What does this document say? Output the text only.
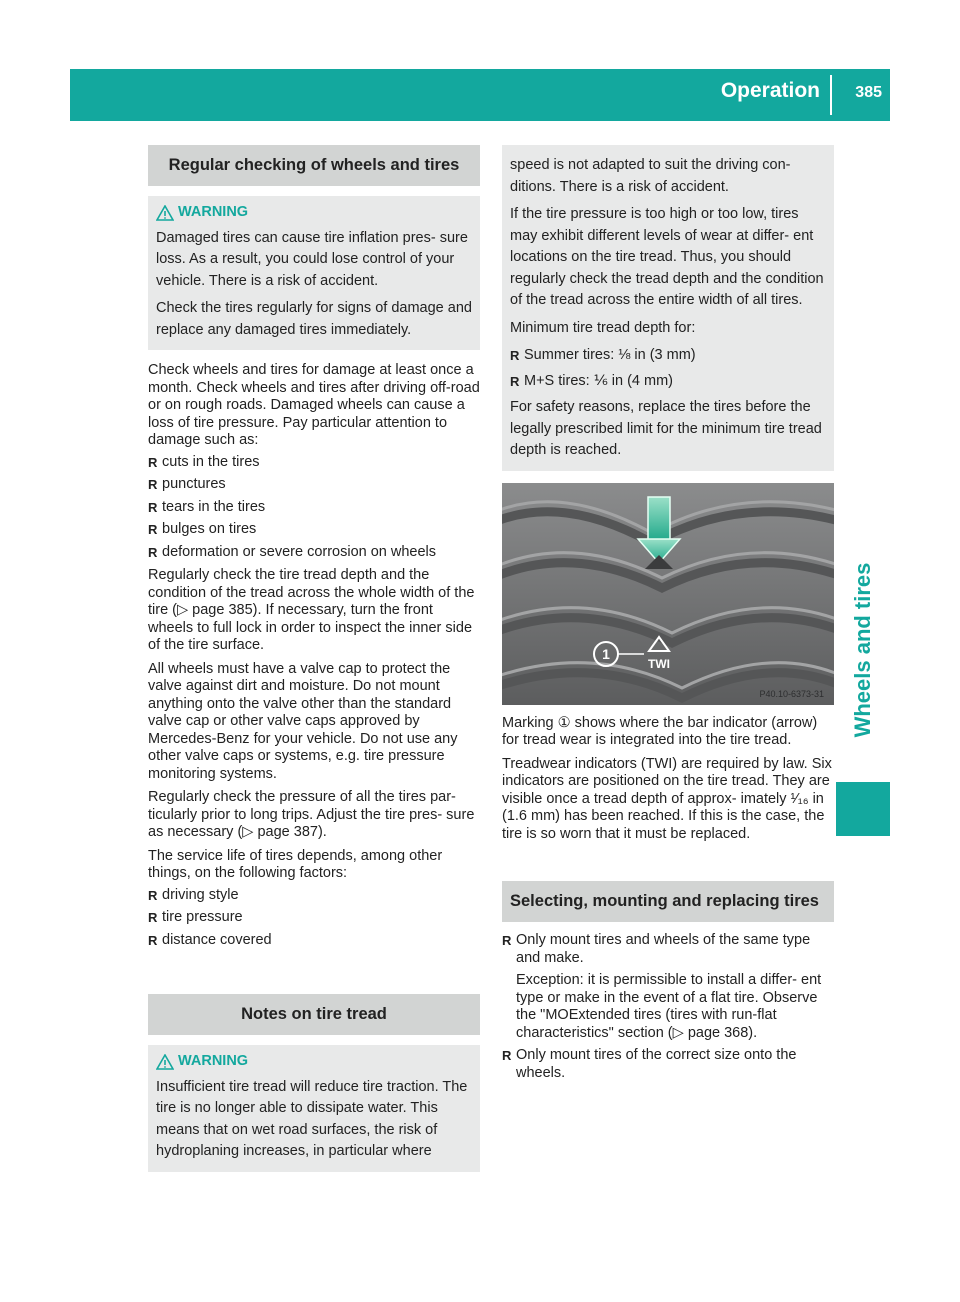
Operation 385
Wheels and tires
Regular checking of wheels and tires
WARNING

Damaged tires can cause tire inflation pres- sure loss. As a result, you could lose control of your vehicle. There is a risk of accident.

Check the tires regularly for signs of damage and replace any damaged tires immediately.

Check wheels and tires for damage at least once a month. Check wheels and tires after driving off-road or on rough roads. Damaged wheels can cause a loss of tire pressure. Pay particular attention to damage such as:

R cuts in the tires
R punctures
R tears in the tires
R bulges on tires
R deformation or severe corrosion on wheels

Regularly check the tire tread depth and the condition of the tread across the whole width of the tire (▷ page 385). If necessary, turn the front wheels to full lock in order to inspect the inner side of the tire surface.

All wheels must have a valve cap to protect the valve against dirt and moisture. Do not mount anything onto the valve other than the standard valve cap or other valve caps approved by Mercedes-Benz for your vehicle. Do not use any other valve caps or systems, e.g. tire pressure monitoring systems.

Regularly check the pressure of all the tires par- ticularly prior to long trips. Adjust the tire pres- sure as necessary (▷ page 387).

The service life of tires depends, among other things, on the following factors:

R driving style
R tire pressure
R distance covered
Notes on tire tread
WARNING

Insufficient tire tread will reduce tire traction. The tire is no longer able to dissipate water. This means that on wet road surfaces, the risk of hydroplaning increases, in particular where

speed is not adapted to suit the driving con- ditions. There is a risk of accident.

If the tire pressure is too high or too low, tires may exhibit different levels of wear at differ- ent locations on the tire tread. Thus, you should regularly check the tread depth and the condition of the tread across the entire width of all tires.

Minimum tire tread depth for:

R Summer tires: ⅛ in (3 mm)
R M+S tires: ⅙ in (4 mm)

For safety reasons, replace the tires before the legally prescribed limit for the minimum tire tread depth is reached.

1
TWI
P40.10-6373-31

Marking ① shows where the bar indicator (arrow) for tread wear is integrated into the tire tread.

Treadwear indicators (TWI) are required by law. Six indicators are positioned on the tire tread. They are visible once a tread depth of approx- imately ¹⁄₁₆ in (1.6 mm) has been reached. If this is the case, the tire is so worn that it must be replaced.

Selecting, mounting and replacing tires
R Only mount tires and wheels of the same type and make.
Exception: it is permissible to install a differ- ent type or make in the event of a flat tire. Observe the "MOExtended tires (tires with run-flat characteristics" section (▷ page 368).
R Only mount tires of the correct size onto the wheels.
